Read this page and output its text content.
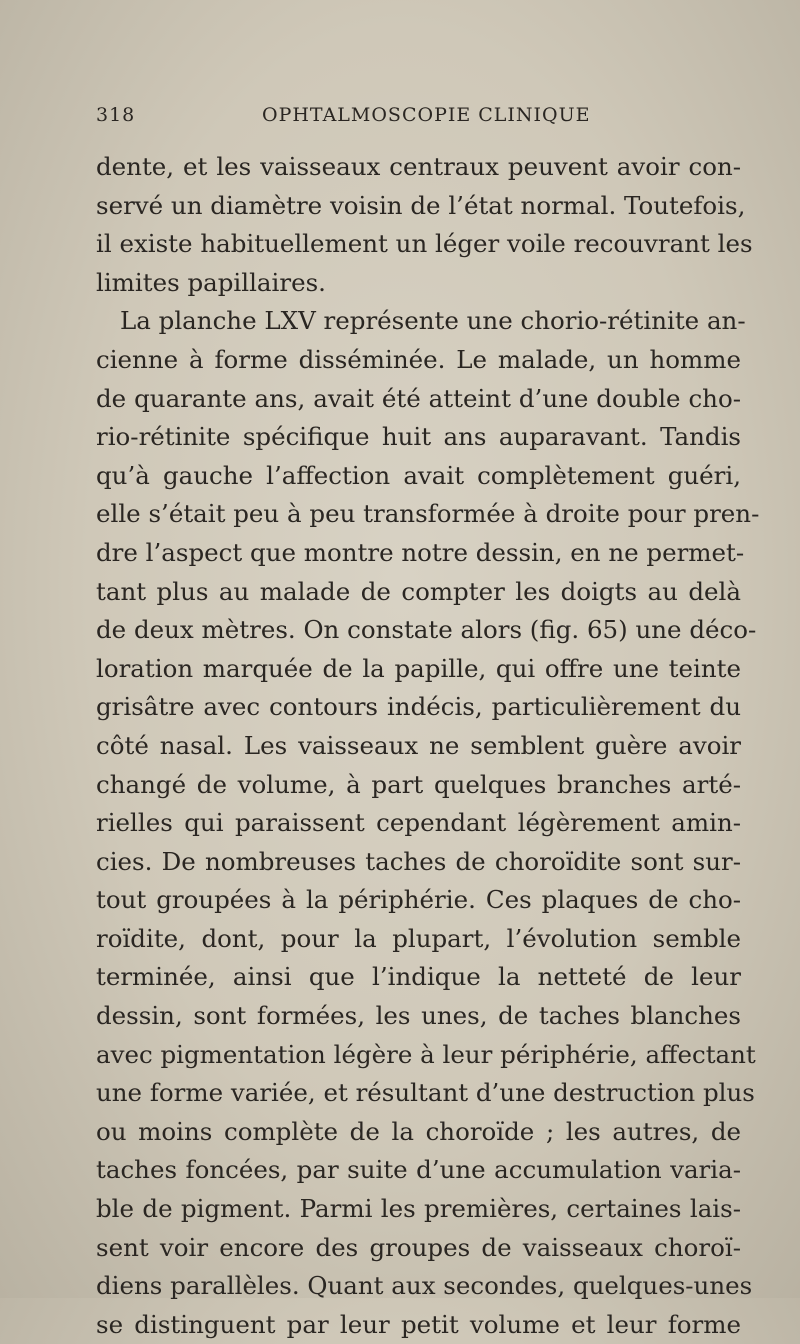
318	OPHTALMOSCOPIE CLINIQUE
dente, et les vaisseaux centraux peuvent avoir con-
servé un diamètre voisin de l’état normal. Toutefois,
il existe habituellement un léger voile recouvrant les
limites papillaires.
La planche LXV représente une chorio-rétinite an-
cienne à forme disséminée. Le malade, un homme
de quarante ans, avait été atteint d’une double cho-
rio-rétinite spécifique huit ans auparavant. Tandis
qu’à gauche l’affection avait complètement guéri,
elle s’était peu à peu transformée à droite pour pren-
dre l’aspect que montre notre dessin, en ne permet-
tant plus au malade de compter les doigts au delà
de deux mètres. On constate alors (fig. 65) une déco-
loration marquée de la papille, qui offre une teinte
grisâtre avec contours indécis, particulièrement du
côté nasal. Les vaisseaux ne semblent guère avoir
changé de volume, à part quelques branches arté-
rielles qui paraissent cependant légèrement amin-
cies. De nombreuses taches de choroïdite sont sur-
tout groupées à la périphérie. Ces plaques de cho-
roïdite, dont, pour la plupart, l’évolution semble
terminée, ainsi que l’indique la netteté de leur
dessin, sont formées, les unes, de taches blanches
avec pigmentation légère à leur périphérie, affectant
une forme variée, et résultant d’une destruction plus
ou moins complète de la choroïde ; les autres, de
taches foncées, par suite d’une accumulation varia-
ble de pigment. Parmi les premières, certaines lais-
sent voir encore des groupes de vaisseaux choroï-
diens parallèles. Quant aux secondes, quelques-unes
se distinguent par leur petit volume et leur forme
